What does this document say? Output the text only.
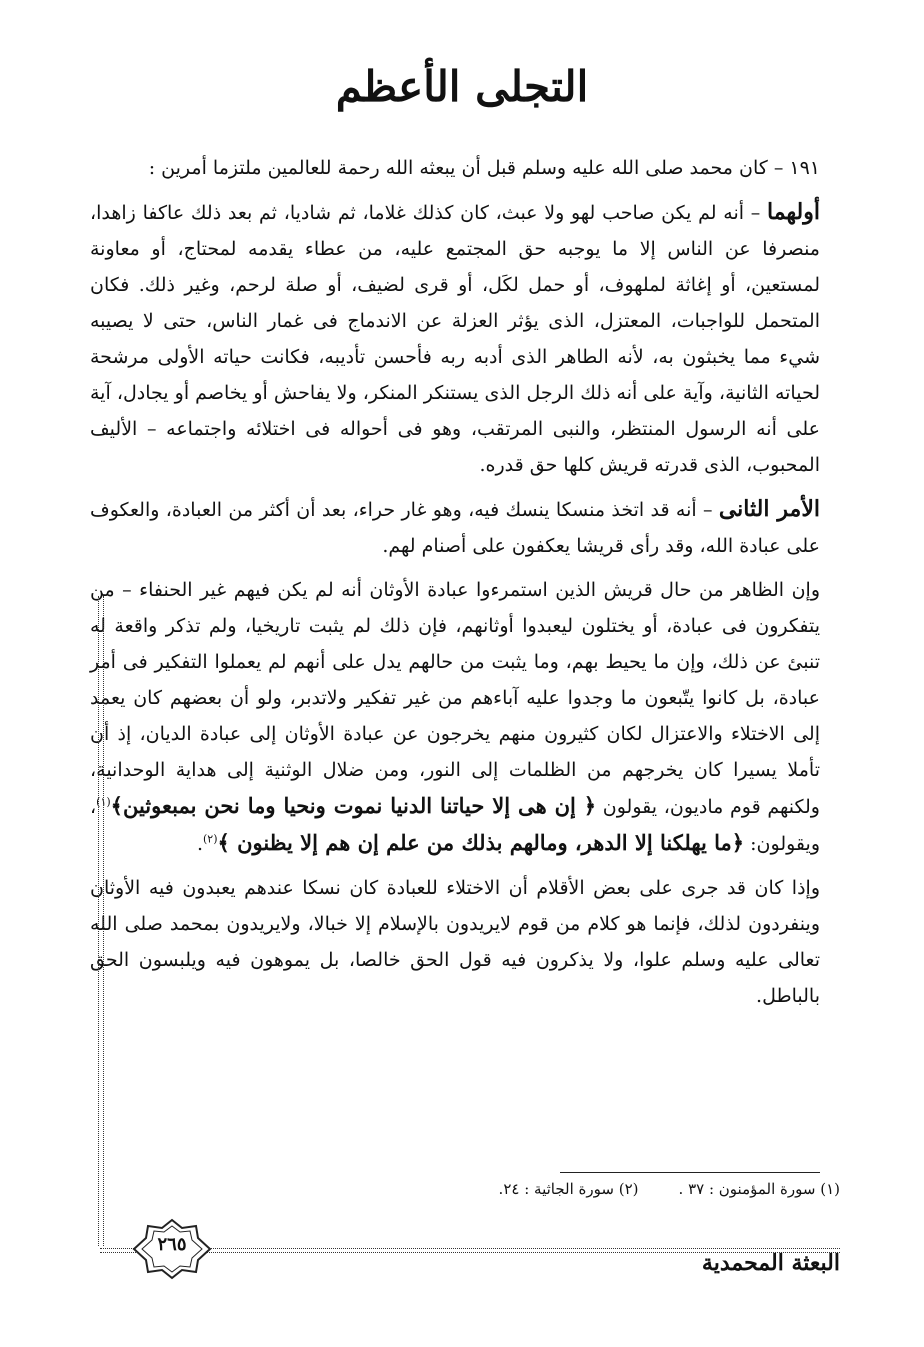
التجلى الأعظم

١٩١ – كان محمد صلى الله عليه وسلم قبل أن يبعثه الله رحمة للعالمين ملتزما أمرين :

أولهما – أنه لم يكن صاحب لهو ولا عبث، كان كذلك غلاما، ثم شاديا، ثم بعد ذلك عاكفا زاهدا، منصرفا عن الناس إلا ما يوجبه حق المجتمع عليه، من عطاء يقدمه لمحتاج، أو معاونة لمستعين، أو إغاثة لملهوف، أو حمل لكَل، أو قرى لضيف، أو صلة لرحم، وغير ذلك. فكان المتحمل للواجبات، المعتزل، الذى يؤثر العزلة عن الاندماج فى غمار الناس، حتى لا يصيبه شيء مما يخبثون به، لأنه الطاهر الذى أدبه ربه فأحسن تأديبه، فكانت حياته الأولى مرشحة لحياته الثانية، وآية على أنه ذلك الرجل الذى يستنكر المنكر، ولا يفاحش أو يخاصم أو يجادل، آية على أنه الرسول المنتظر، والنبى المرتقب، وهو فى أحواله فى اختلائه واجتماعه – الأليف المحبوب، الذى قدرته قريش كلها حق قدره.

الأمر الثانى – أنه قد اتخذ منسكا ينسك فيه، وهو غار حراء، بعد أن أكثر من العبادة، والعكوف على عبادة الله، وقد رأى قريشا يعكفون على أصنام لهم.

وإن الظاهر من حال قريش الذين استمرءوا عبادة الأوثان أنه لم يكن فيهم غير الحنفاء – من يتفكرون فى عبادة، أو يختلون ليعبدوا أوثانهم، فإن ذلك لم يثبت تاريخيا، ولم تذكر واقعة له تنبئ عن ذلك، وإن ما يحيط بهم، وما يثبت من حالهم يدل على أنهم لم يعملوا التفكير فى أمر عبادة، بل كانوا يتّبعون ما وجدوا عليه آباءهم من غير تفكير ولاتدبر، ولو أن بعضهم كان يعمد إلى الاختلاء والاعتزال لكان كثيرون منهم يخرجون عن عبادة الأوثان إلى عبادة الديان، إذ أن تأملا يسيرا كان يخرجهم من الظلمات إلى النور، ومن ضلال الوثنية إلى هداية الوحدانية، ولكنهم قوم ماديون، يقولون ﴿ إن هى إلا حياتنا الدنيا نموت ونحيا وما نحن بمبعوثين﴾$^{(١)}$، ويقولون: ﴿ما يهلكنا إلا الدهر، ومالهم بذلك من علم إن هم إلا يظنون ﴾$^{(٢)}$.

وإذا كان قد جرى على بعض الأقلام أن الاختلاء للعبادة كان نسكا عندهم يعبدون فيه الأوثان وينفردون لذلك، فإنما هو كلام من قوم لايريدون بالإسلام إلا خبالا، ولايريدون بمحمد صلى الله تعالى عليه وسلم علوا، ولا يذكرون فيه قول الحق خالصا، بل يموهون فيه ويلبسون الحق بالباطل.

(١) سورة المؤمنون : ٣٧ .
(٢) سورة الجاثية : ٢٤.
٢٦٥
البعثة المحمدية
